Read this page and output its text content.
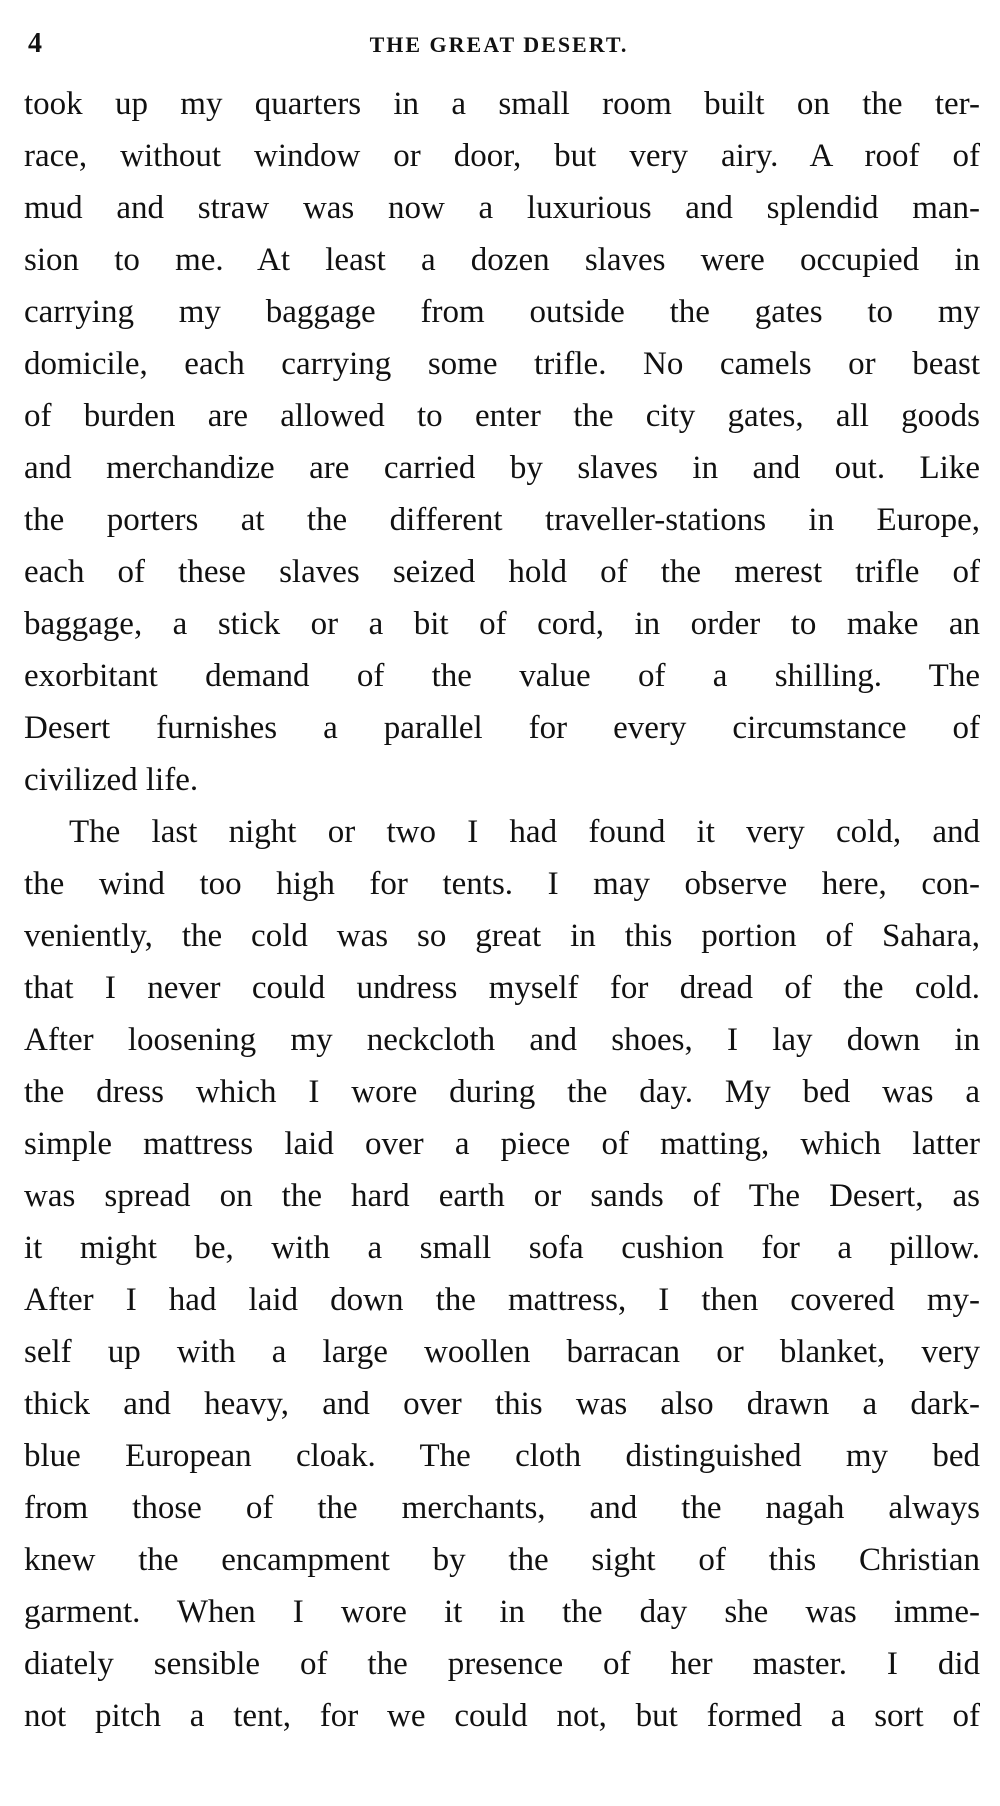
4	THE GREAT DESERT.
took up my quarters in a small room built on the ter-
race, without window or door, but very airy. A roof of
mud and straw was now a luxurious and splendid man-
sion to me. At least a dozen slaves were occupied in
carrying my baggage from outside the gates to my
domicile, each carrying some trifle. No camels or beast
of burden are allowed to enter the city gates, all goods
and merchandize are carried by slaves in and out. Like
the porters at the different traveller-stations in Europe,
each of these slaves seized hold of the merest trifle of
baggage, a stick or a bit of cord, in order to make an
exorbitant demand of the value of a shilling. The
Desert furnishes a parallel for every circumstance of
civilized life.
The last night or two I had found it very cold, and
the wind too high for tents. I may observe here, con-
veniently, the cold was so great in this portion of Sahara,
that I never could undress myself for dread of the cold.
After loosening my neckcloth and shoes, I lay down in
the dress which I wore during the day. My bed was a
simple mattress laid over a piece of matting, which latter
was spread on the hard earth or sands of The Desert, as
it might be, with a small sofa cushion for a pillow.
After I had laid down the mattress, I then covered my-
self up with a large woollen barracan or blanket, very
thick and heavy, and over this was also drawn a dark-
blue European cloak. The cloth distinguished my bed
from those of the merchants, and the nagah always
knew the encampment by the sight of this Christian
garment. When I wore it in the day she was imme-
diately sensible of the presence of her master. I did
not pitch a tent, for we could not, but formed a sort of
